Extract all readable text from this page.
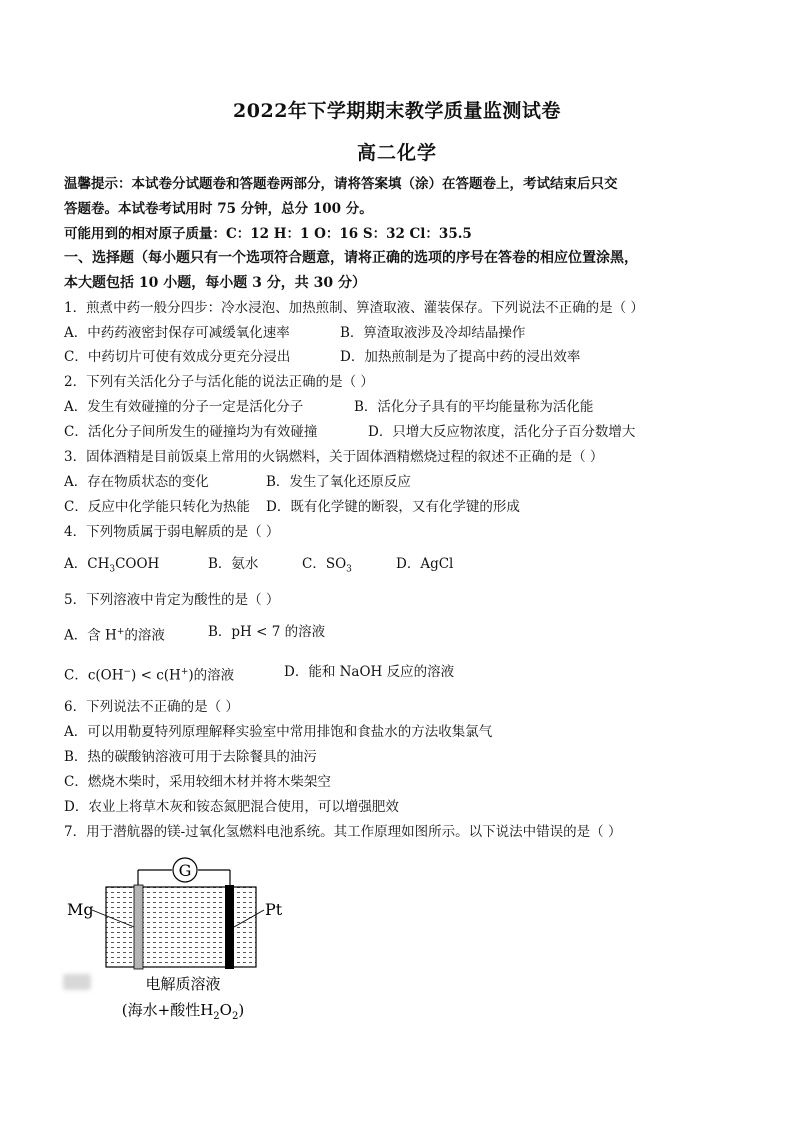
2022年下学期期末教学质量监测试卷
高二化学
温馨提示：本试卷分试题卷和答题卷两部分，请将答案填（涂）在答题卷上，考试结束后只交
答题卷。本试卷考试用时 75 分钟，总分 100 分。
可能用到的相对原子质量：C：12 H：1 O：16 S：32 Cl：35.5
一、选择题（每小题只有一个选项符合题意，请将正确的选项的序号在答卷的相应位置涂黑，
本大题包括 10 小题，每小题 3 分，共 30 分）
1．煎煮中药一般分四步：冷水浸泡、加热煎制、箅渣取液、灌装保存。下列说法不正确的是（ ）
A．中药药液密封保存可减缓氧化速率	B．箅渣取液涉及冷却结晶操作
C．中药切片可使有效成分更充分浸出	D．加热煎制是为了提高中药的浸出效率
2．下列有关活化分子与活化能的说法正确的是（ ）
A．发生有效碰撞的分子一定是活化分子	B．活化分子具有的平均能量称为活化能
C．活化分子间所发生的碰撞均为有效碰撞	D．只增大反应物浓度，活化分子百分数增大
3．固体酒精是目前饭桌上常用的火锅燃料，关于固体酒精燃烧过程的叙述不正确的是（ ）
A．存在物质状态的变化	B．发生了氧化还原反应
C．反应中化学能只转化为热能 D．既有化学键的断裂，又有化学键的形成
4．下列物质属于弱电解质的是（ ）
A．$CH_3COOH$	B．氨水	C．$SO_3$	D．AgCl
5．下列溶液中肯定为酸性的是（ ）
A．含 H+的溶液	B．pH < 7 的溶液
C．c(OH−) < c(H+)的溶液	D．能和 NaOH 反应的溶液
6．下列说法不正确的是（ ）
A．可以用勒夏特列原理解释实验室中常用排饱和食盐水的方法收集氯气
B．热的碳酸钠溶液可用于去除餐具的油污
C．燃烧木柴时，采用较细木材并将木柴架空
D．农业上将草木灰和铵态氮肥混合使用，可以增强肥效
7．用于潜航器的镁-过氧化氢燃料电池系统。其工作原理如图所示。以下说法中错误的是（ ）
G
Mg	Pt
电解质溶液
(海水+酸性$H_2O_2$)
